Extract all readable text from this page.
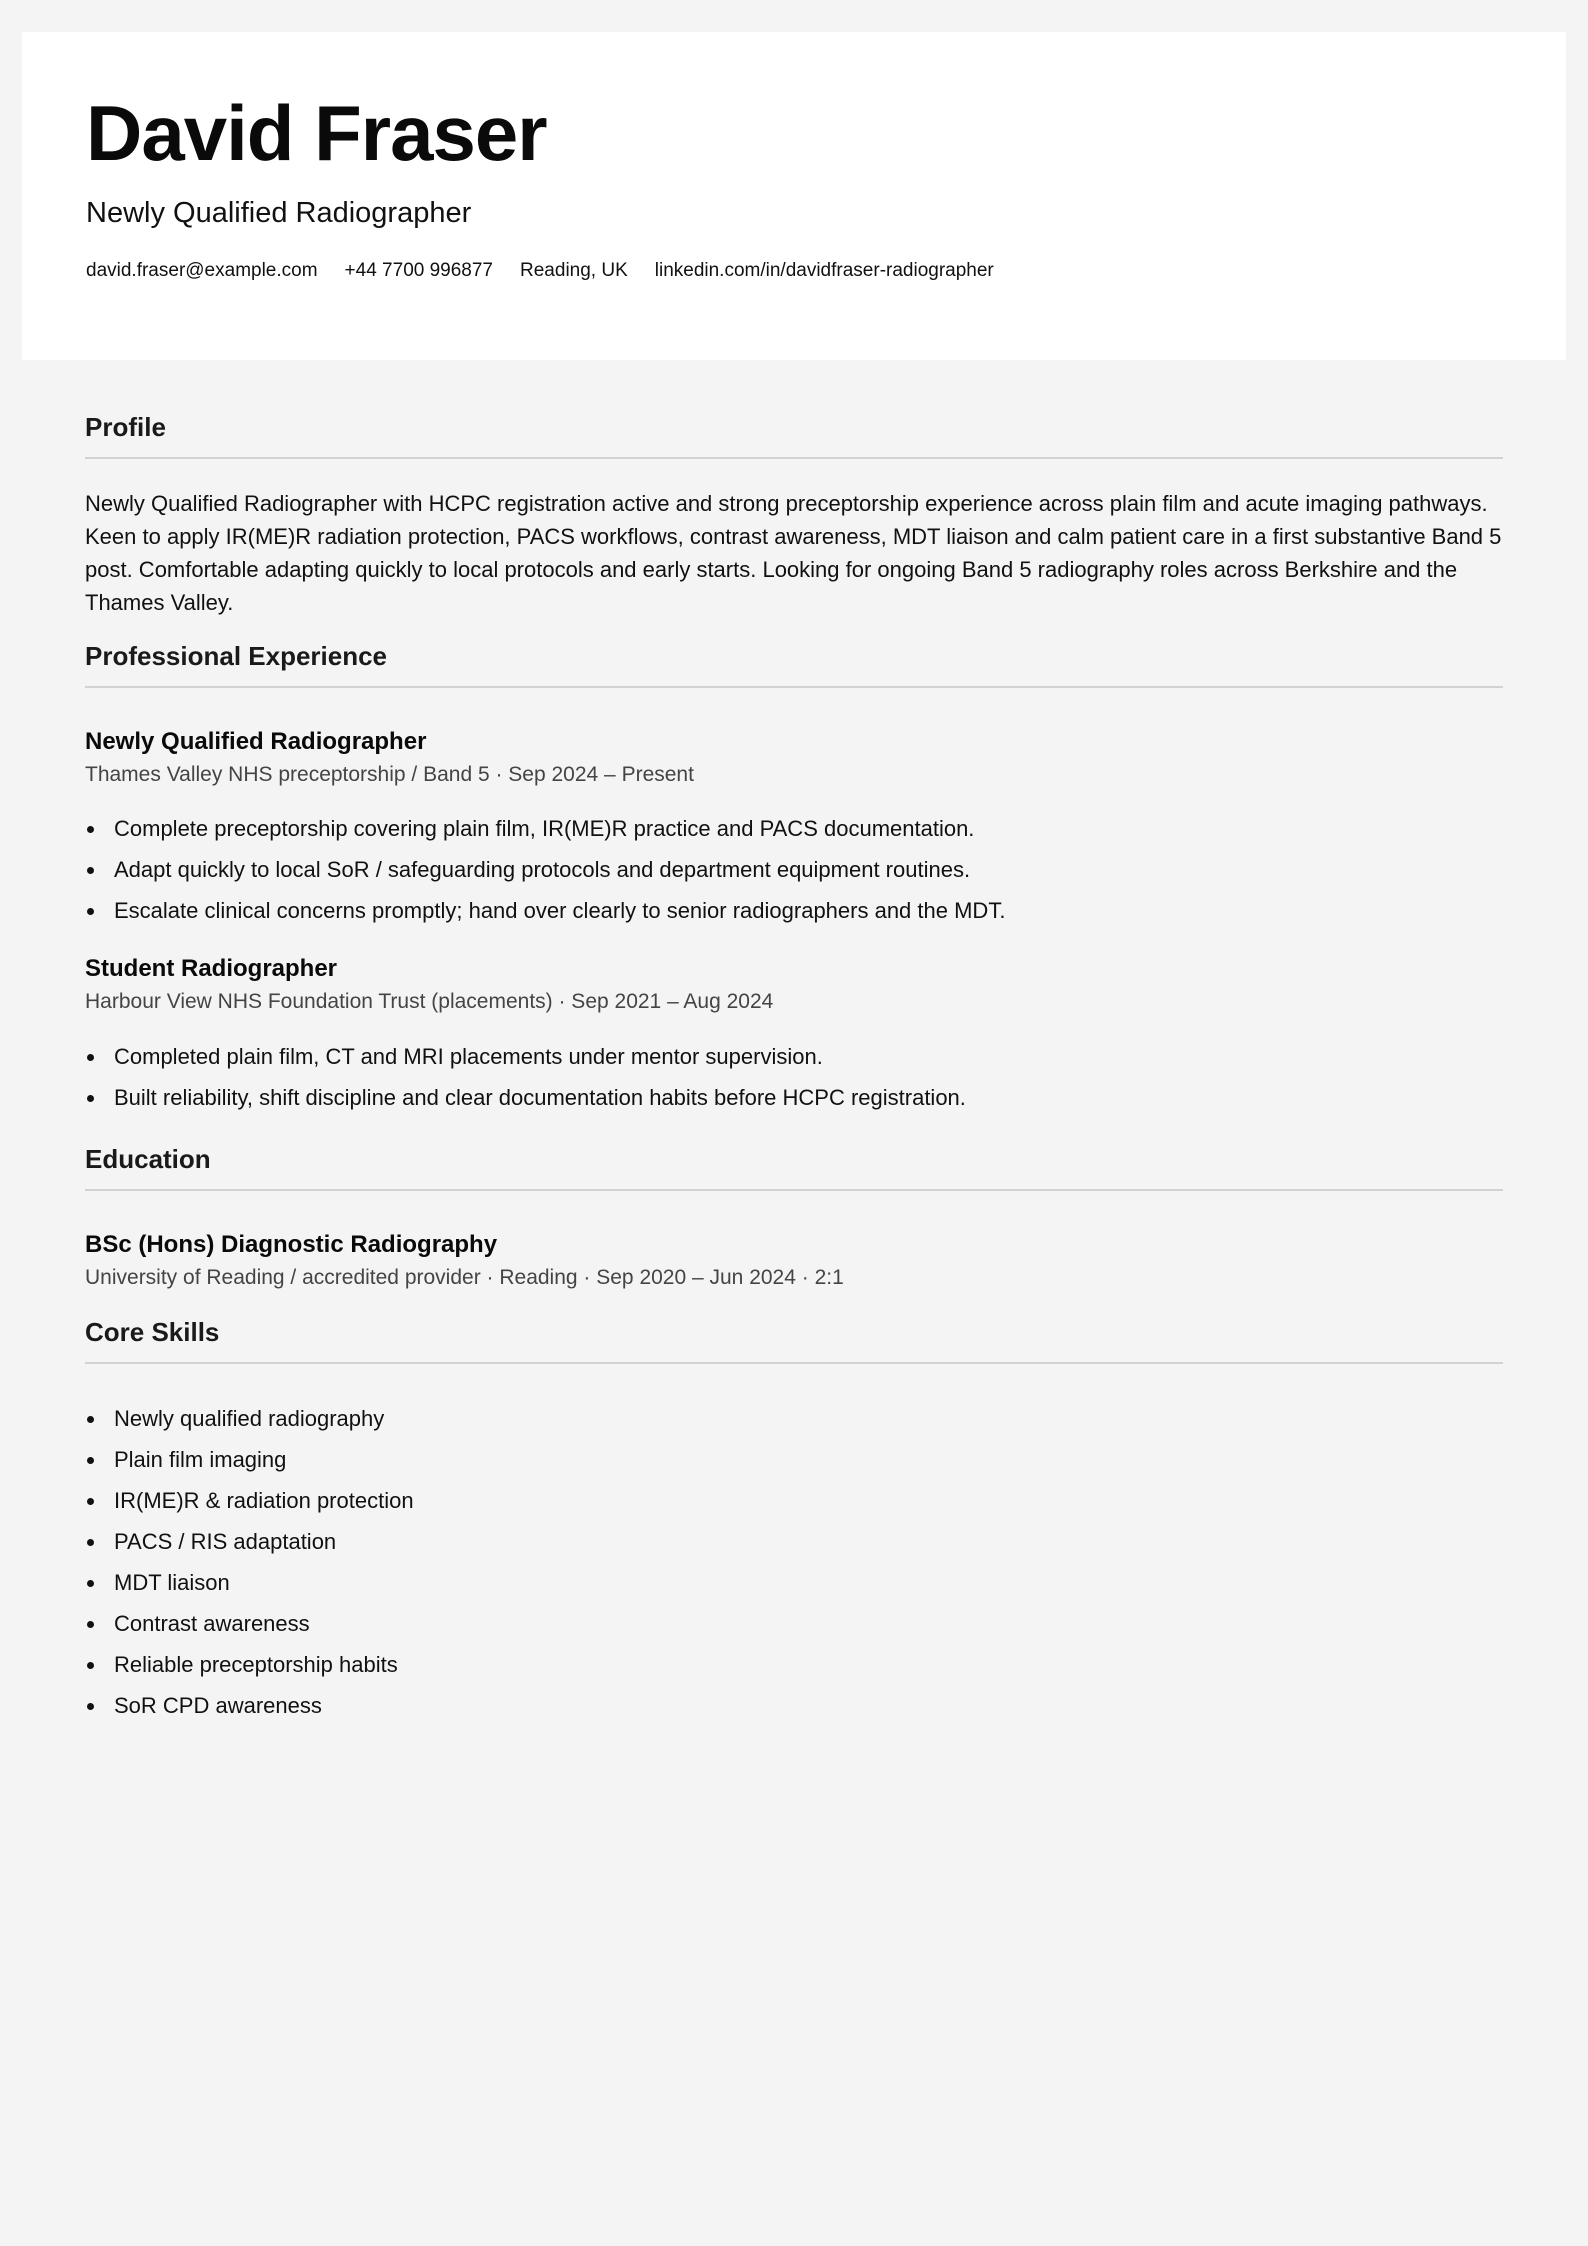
David Fraser

Newly Qualified Radiographer

david.fraser@example.com +44 7700 996877 Reading, UK linkedin.com/in/davidfraser-radiographer
Profile

Newly Qualified Radiographer with HCPC registration active and strong preceptorship experience across plain film and acute imaging pathways. Keen to apply IR(ME)R radiation protection, PACS workflows, contrast awareness, MDT liaison and calm patient care in a first substantive Band 5 post. Comfortable adapting quickly to local protocols and early starts. Looking for ongoing Band 5 radiography roles across Berkshire and the Thames Valley.

Professional Experience
Newly Qualified Radiographer

Thames Valley NHS preceptorship / Band 5 · Sep 2024 – Present

Complete preceptorship covering plain film, IR(ME)R practice and PACS documentation.
Adapt quickly to local SoR / safeguarding protocols and department equipment routines.
Escalate clinical concerns promptly; hand over clearly to senior radiographers and the MDT.
Student Radiographer

Harbour View NHS Foundation Trust (placements) · Sep 2021 – Aug 2024

Completed plain film, CT and MRI placements under mentor supervision.
Built reliability, shift discipline and clear documentation habits before HCPC registration.
Education
BSc (Hons) Diagnostic Radiography

University of Reading / accredited provider · Reading · Sep 2020 – Jun 2024 · 2:1

Core Skills
Newly qualified radiography
Plain film imaging
IR(ME)R & radiation protection
PACS / RIS adaptation
MDT liaison
Contrast awareness
Reliable preceptorship habits
SoR CPD awareness
